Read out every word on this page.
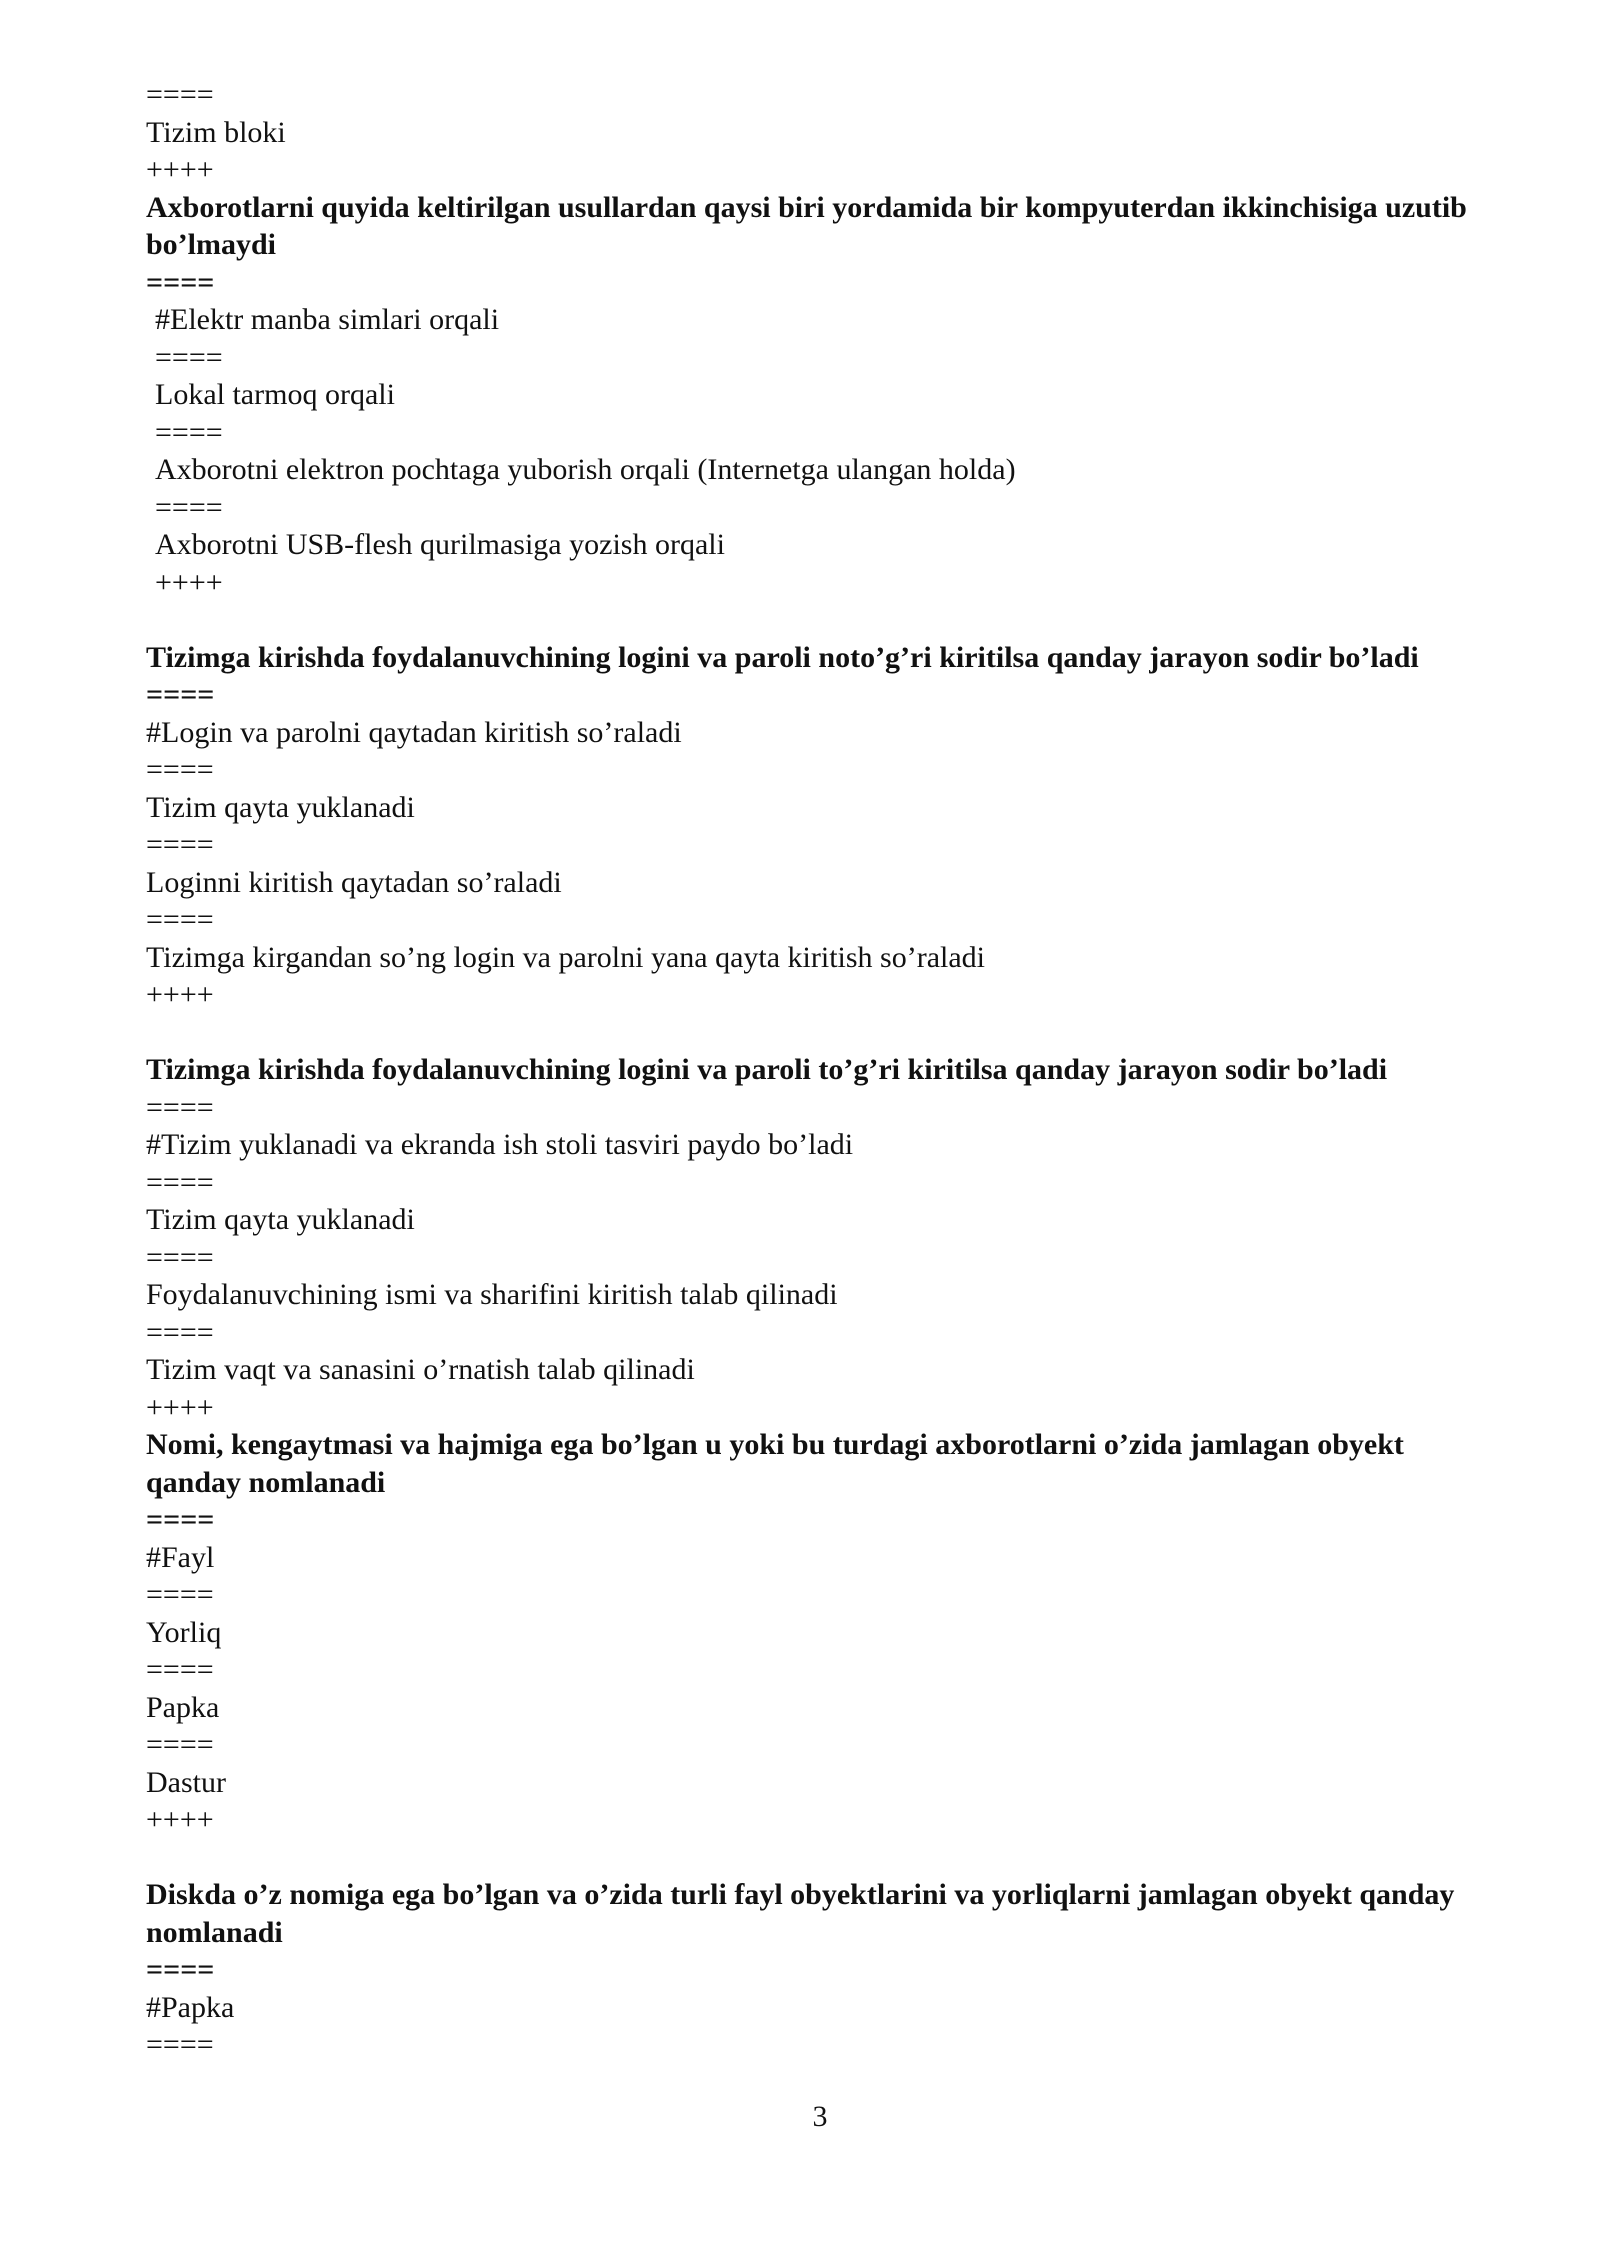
====
Tizim bloki
++++
Axborotlarni quyida keltirilgan usullardan qaysi biri yordamida bir kompyuterdan ikkinchisiga uzutib bo’lmaydi
====
#Elektr manba simlari orqali
====
Lokal tarmoq orqali
====
Axborotni elektron pochtaga yuborish orqali (Internetga ulangan holda)
====
Axborotni USB-flesh qurilmasiga yozish orqali
++++
Tizimga kirishda foydalanuvchining logini va paroli noto’g’ri kiritilsa qanday jarayon sodir bo’ladi
====
#Login va parolni qaytadan kiritish so’raladi
====
Tizim qayta yuklanadi
====
Loginni kiritish qaytadan so’raladi
====
Tizimga kirgandan so’ng login va parolni yana qayta kiritish so’raladi
++++
Tizimga kirishda foydalanuvchining logini va paroli to’g’ri kiritilsa qanday jarayon sodir bo’ladi
====
#Tizim yuklanadi va ekranda ish stoli tasviri paydo bo’ladi
====
Tizim qayta yuklanadi
====
Foydalanuvchining ismi va sharifini kiritish talab qilinadi
====
Tizim vaqt va sanasini o’rnatish talab qilinadi
++++
Nomi, kengaytmasi va hajmiga ega bo’lgan u yoki bu turdagi axborotlarni o’zida jamlagan obyekt qanday nomlanadi
====
#Fayl
====
Yorliq
====
Papka
====
Dastur
++++
Diskda o’z nomiga ega bo’lgan va o’zida turli fayl obyektlarini va yorliqlarni jamlagan obyekt qanday nomlanadi
====
#Papka
====
3
